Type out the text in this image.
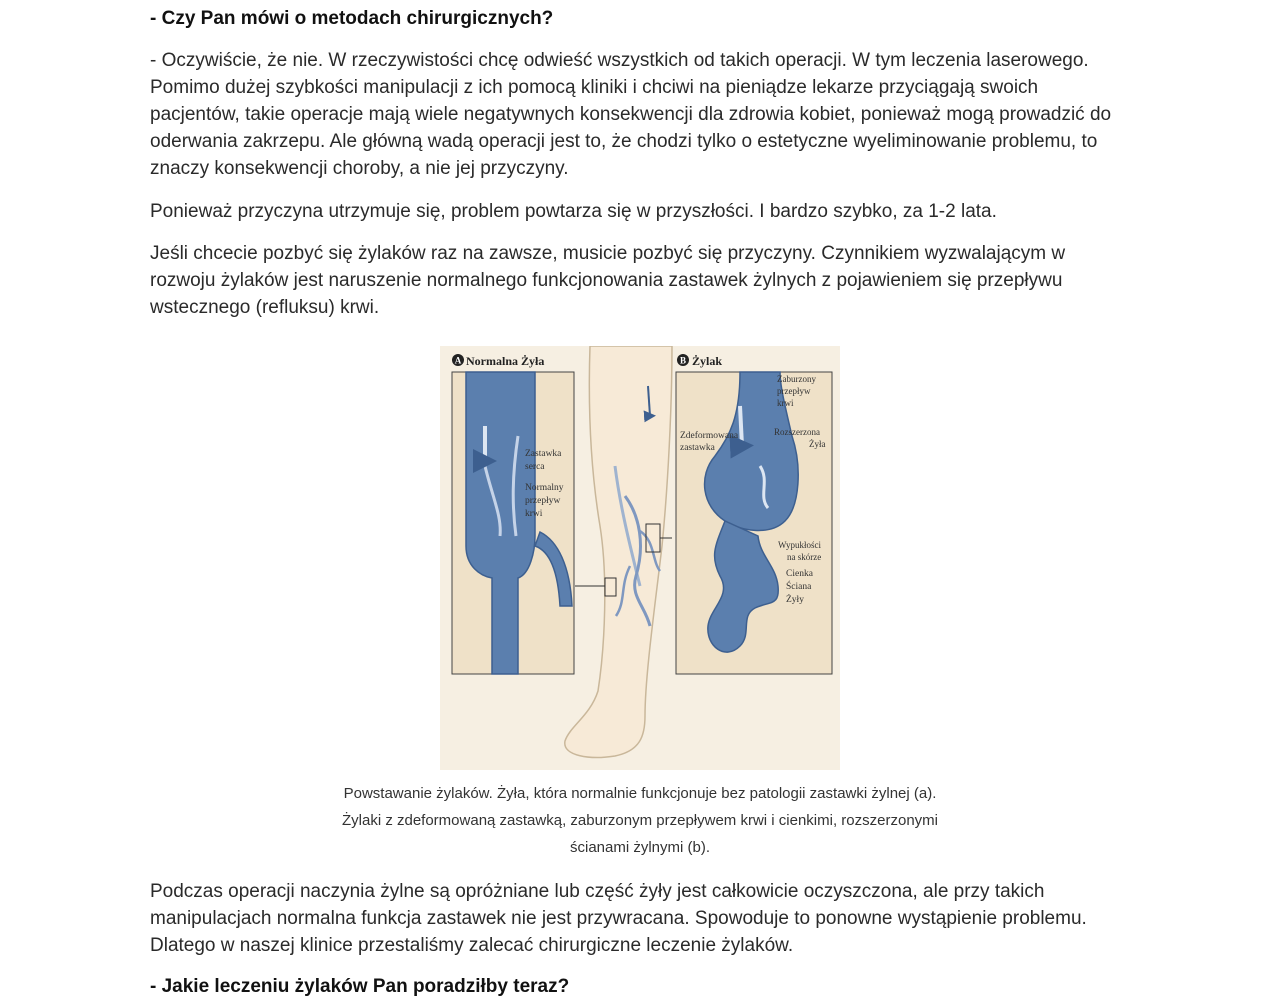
- Czy Pan mówi o metodach chirurgicznych?

- Oczywiście, że nie. W rzeczywistości chcę odwieść wszystkich od takich operacji. W tym leczenia laserowego. Pomimo dużej szybkości manipulacji z ich pomocą kliniki i chciwi na pieniądze lekarze przyciągają swoich pacjentów, takie operacje mają wiele negatywnych konsekwencji dla zdrowia kobiet, ponieważ mogą prowadzić do oderwania zakrzepu. Ale główną wadą operacji jest to, że chodzi tylko o estetyczne wyeliminowanie problemu, to znaczy konsekwencji choroby, a nie jej przyczyny.

Ponieważ przyczyna utrzymuje się, problem powtarza się w przyszłości. I bardzo szybko, za 1-2 lata.

Jeśli chcecie pozbyć się żylaków raz na zawsze, musicie pozbyć się przyczyny. Czynnikiem wyzwalającym w rozwoju żylaków jest naruszenie normalnego funkcjonowania zastawek żylnych z pojawieniem się przepływu wstecznego (refluksu) krwi.

Podczas operacji naczynia żylne są opróżniane lub część żyły jest całkowicie oczyszczona, ale przy takich manipulacjach normalna funkcja zastawek nie jest przywracana. Spowoduje to ponowne wystąpienie problemu. Dlatego w naszej klinice przestaliśmy zalecać chirurgiczne leczenie żylaków.

- Jakie leczeniu żylaków Pan poradziłby teraz?

A Normalna Żyła
Zastawka
serca
Normalny
przepływ
krwi
B Żylak
Zaburzony
przepływ
krwi
Zdeformowana
zastawka
Rozszerzona
Żyła
Wypukłości
na skórze
Cienka
Ściana
Żyły
Powstawanie żylaków. Żyła, która normalnie funkcjonuje bez patologii zastawki żylnej (a).
Żylaki z zdeformowaną zastawką, zaburzonym przepływem krwi i cienkimi, rozszerzonymi
ścianami żylnymi (b).
